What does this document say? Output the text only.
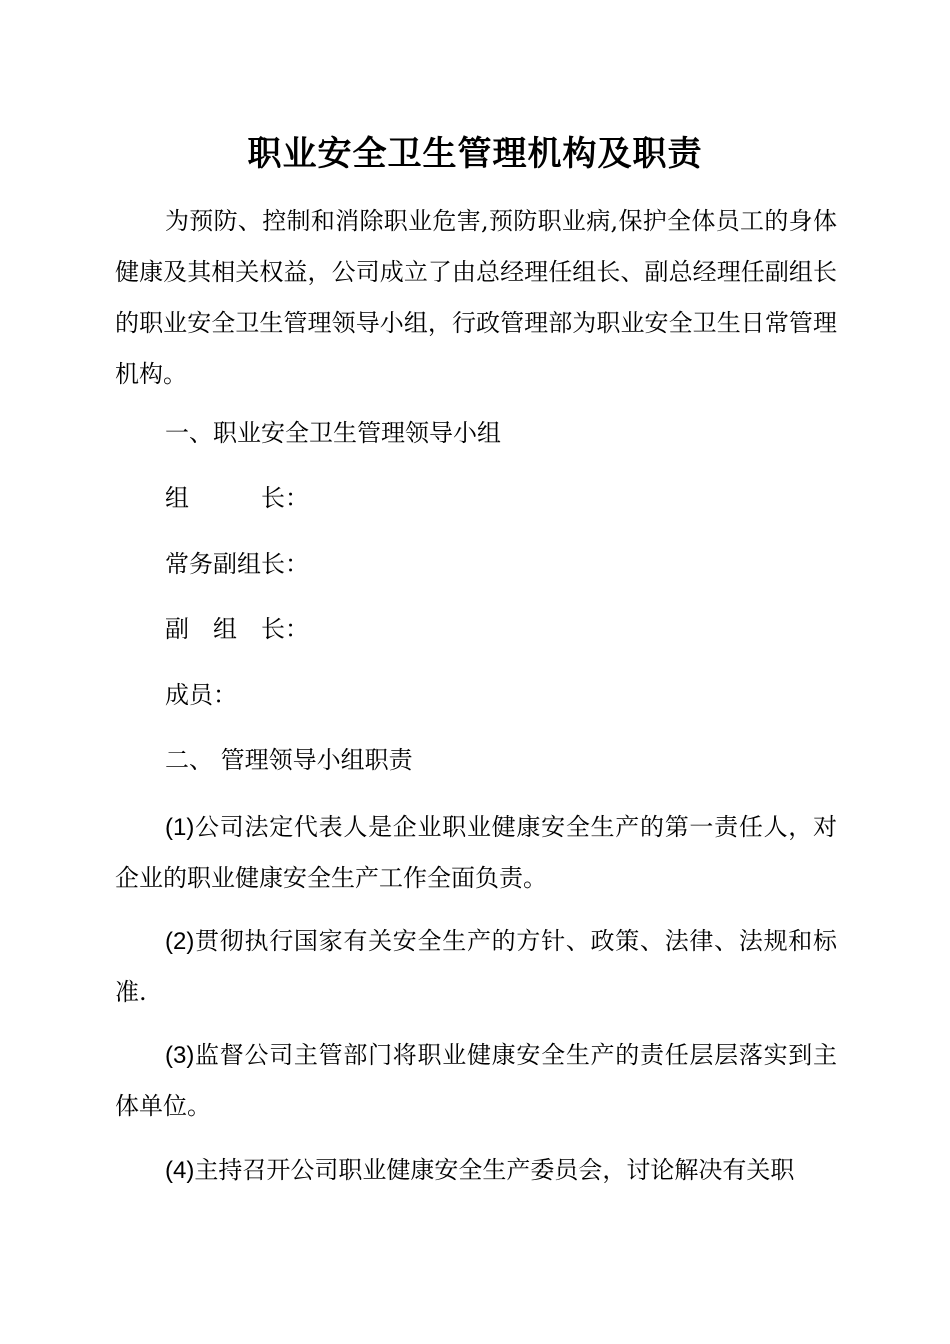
职业安全卫生管理机构及职责

为预防、控制和消除职业危害,预防职业病,保护全体员工的身体健康及其相关权益，公司成立了由总经理任组长、副总经理任副组长的职业安全卫生管理领导小组，行政管理部为职业安全卫生日常管理机构。

一、职业安全卫生管理领导小组

组　　　长：

常务副组长：

副　组　长：

成员：

二、 管理领导小组职责

(1)公司法定代表人是企业职业健康安全生产的第一责任人，对企业的职业健康安全生产工作全面负责。

(2)贯彻执行国家有关安全生产的方针、政策、法律、法规和标准.

(3)监督公司主管部门将职业健康安全生产的责任层层落实到主体单位。

(4)主持召开公司职业健康安全生产委员会，讨论解决有关职
